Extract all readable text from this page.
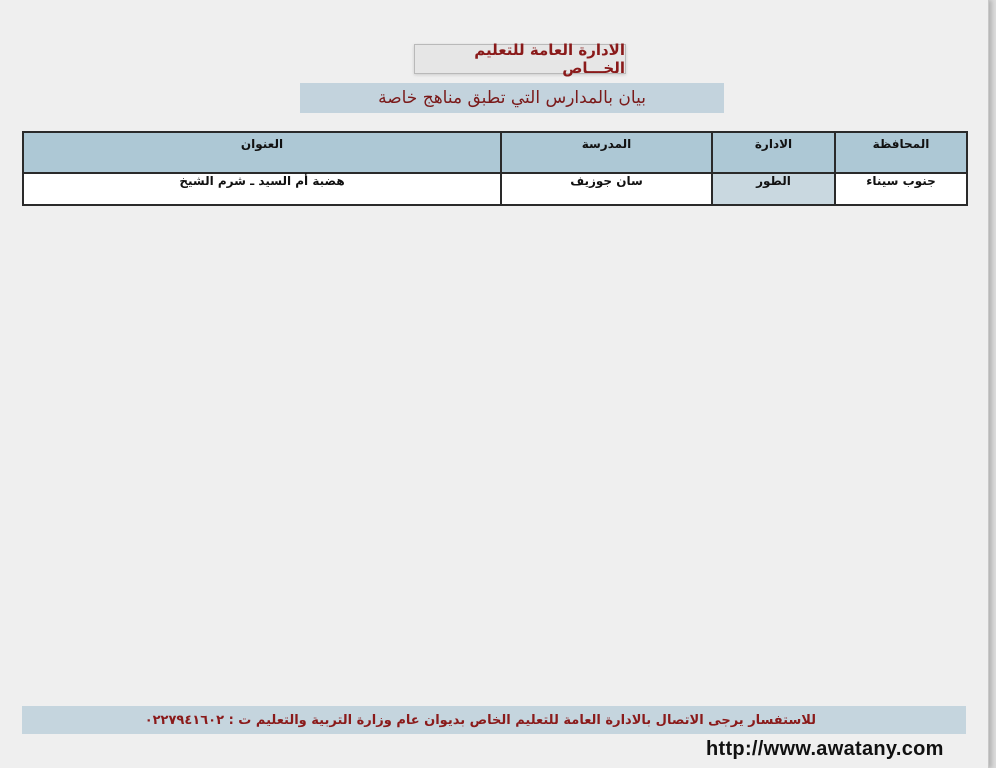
الادارة العامة للتعليم الخـــاص
بيان بالمدارس التي تطبق مناهج خاصة
المحافظة	الادارة	المدرسة	العنوان
جنوب سيناء	الطور	سان جوزيف	هضبة أم السيد ـ شرم الشيخ
للاستفسار يرجى الاتصال بالادارة العامة للتعليم الخاص بديوان عام وزارة التربية والتعليم ت : ٠٢٢٧٩٤١٦٠٢
http://www.awatany.com
